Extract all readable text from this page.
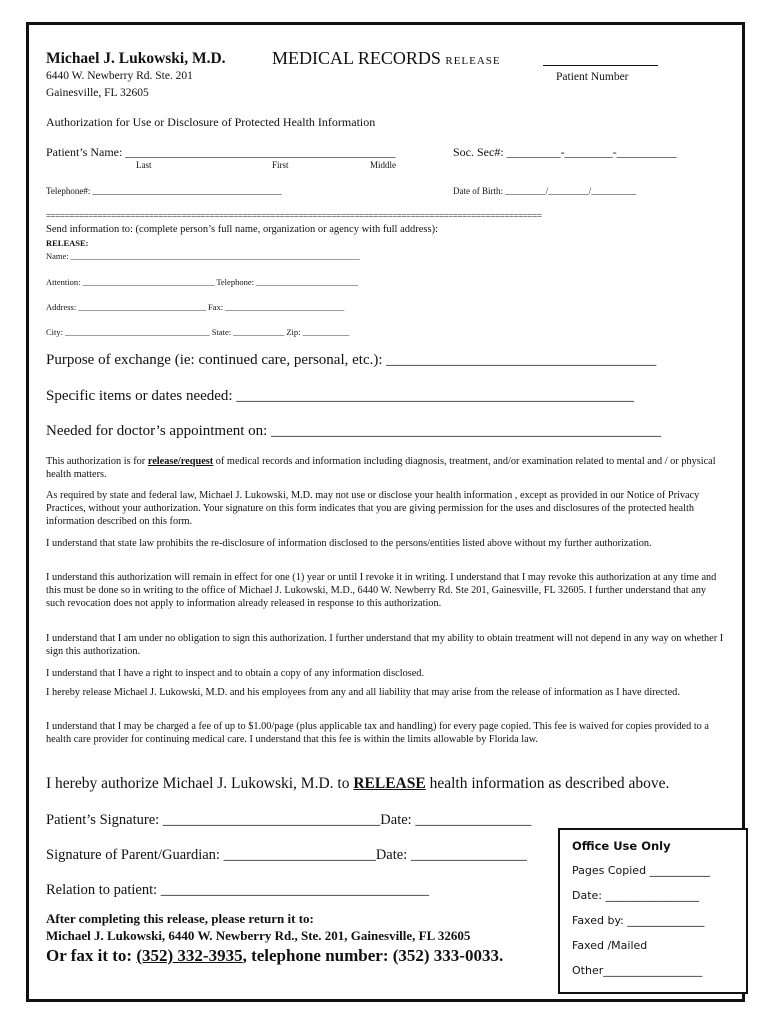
Michael J. Lukowski, M.D.
6440 W. Newberry Rd. Ste. 201
Gainesville, FL 32605
MEDICAL RECORDS RELEASE
Patient Number
Authorization for Use or Disclosure of Protected Health Information
Patient’s Name: _____________________________________________	Soc. Sec#: _________-________-__________
Last	First	Middle
Telephone#: __________________________________________	Date of Birth: _________/_________/__________
==========================================================================================================
Send information to: (complete person’s full name, organization or agency with full address):
RELEASE:
Name: ____________________________________________________________________
Attention: _______________________________ Telephone: ________________________
Address: ______________________________ Fax: ____________________________
City: __________________________________ State: ____________ Zip: ___________
Purpose of exchange (ie: continued care, personal, etc.): ____________________________________
Specific items or dates needed: _____________________________________________________
Needed for doctor’s appointment on: ____________________________________________________
This authorization is for release/request of medical records and information including diagnosis, treatment, and/or examination related to mental and / or physical health matters.
As required by state and federal law, Michael J. Lukowski, M.D. may not use or disclose your health information , except as provided in our Notice of Privacy Practices, without your authorization. Your signature on this form indicates that you are giving permission for the uses and disclosures of the protected health information described on this form.
I understand that state law prohibits the re-disclosure of information disclosed to the persons/entities listed above without my further authorization.
I understand this authorization will remain in effect for one (1) year or until I revoke it in writing. I understand that I may revoke this authorization at any time and this must be done so in writing to the office of Michael J. Lukowski, M.D., 6440 W. Newberry Rd. Ste 201, Gainesville, FL 32605. I further understand that any such revocation does not apply to information already released in response to this authorization.
I understand that I am under no obligation to sign this authorization. I further understand that my ability to obtain treatment will not depend in any way on whether I sign this authorization.
I understand that I have a right to inspect and to obtain a copy of any information disclosed.
I hereby release Michael J. Lukowski, M.D. and his employees from any and all liability that may arise from the release of information as I have directed.
I understand that I may be charged a fee of up to $1.00/page (plus applicable tax and handling) for every page copied. This fee is waived for copies provided to a health care provider for continuing medical care. I understand that this fee is within the limits allowable by Florida law.
I hereby authorize Michael J. Lukowski, M.D. to RELEASE health information as described above.
Patient’s Signature: ______________________________Date: ________________
Signature of Parent/Guardian: _____________________Date: ________________
Relation to patient: _____________________________________
After completing this release, please return it to:
Michael J. Lukowski, 6440 W. Newberry Rd., Ste. 201, Gainesville, FL 32605
Or fax it to: (352) 332-3935, telephone number: (352) 333-0033.
Office Use Only
Pages Copied ___________
Date: _________________
Faxed by: ______________
Faxed /Mailed
Other__________________
